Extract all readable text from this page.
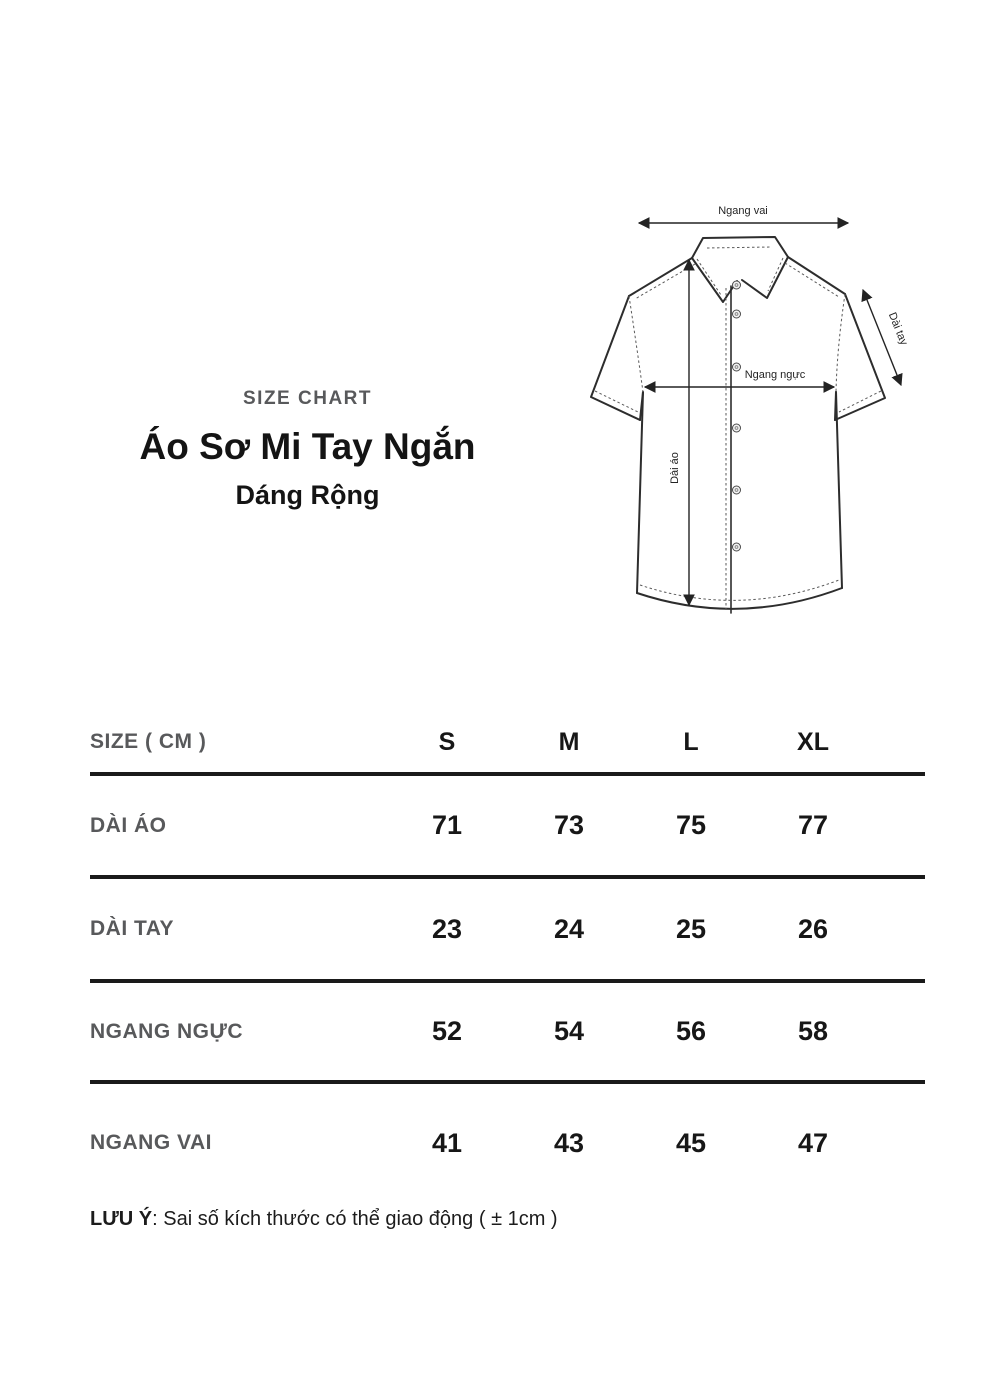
SIZE CHART
Áo Sơ Mi Tay Ngắn
Dáng Rộng
Ngang vai
Ngang ngực
Dài áo
Dài tay
SIZE ( CM )	S	M	L	XL
DÀI ÁO	71	73	75	77
DÀI TAY	23	24	25	26
NGANG NGỰC	52	54	56	58
NGANG VAI	41	43	45	47
LƯU Ý: Sai số kích thước có thể giao động ( ± 1cm )
